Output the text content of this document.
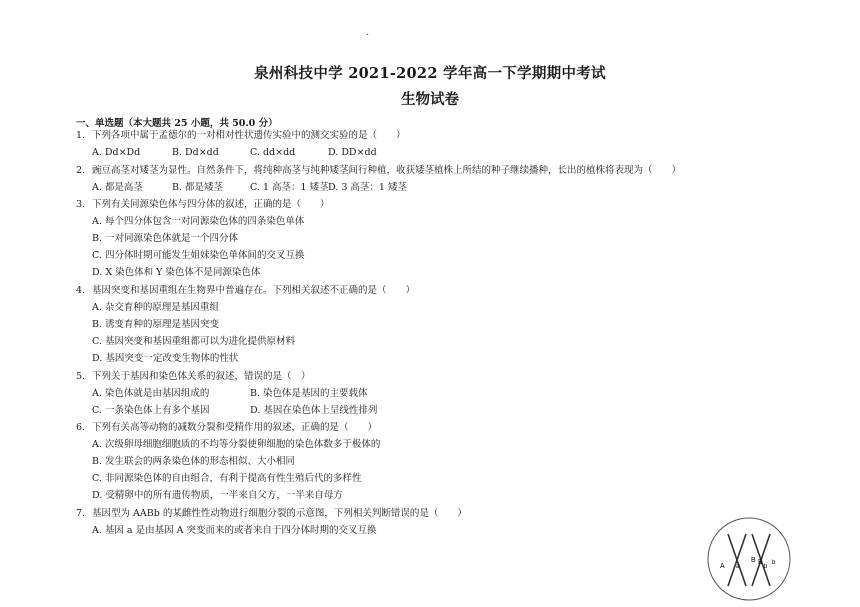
·
泉州科技中学 2021-2022 学年高一下学期期中考试
生物试卷
一、单选题（本大题共 25 小题，共 50.0 分）
1. 下列各项中属于孟德尔的一对相对性状遗传实验中的测交实验的是（　　）
A. Dd×Dd	B. Dd×dd	C. dd×dd	D. DD×dd
2. 豌豆高茎对矮茎为显性。自然条件下，将纯种高茎与纯种矮茎间行种植，收获矮茎植株上所结的种子继续播种，长出的植株将表现为（　　）
A. 都是高茎	B. 都是矮茎	C. 1 高茎：1 矮茎 D. 3 高茎：1 矮茎
3. 下列有关同源染色体与四分体的叙述，正确的是（　　）
A. 每个四分体包含一对同源染色体的四条染色单体
B. 一对同源染色体就是一个四分体
C. 四分体时期可能发生姐妹染色单体间的交叉互换
D. X 染色体和 Y 染色体不是同源染色体
4. 基因突变和基因重组在生物界中普遍存在。下列相关叙述不正确的是（　　）
A. 杂交育种的原理是基因重组
B. 诱变育种的原理是基因突变
C. 基因突变和基因重组都可以为进化提供原材料
D. 基因突变一定改变生物体的性状
5. 下列关于基因和染色体关系的叙述，错误的是（　）
A. 染色体就是由基因组成的	B. 染色体是基因的主要载体
C. 一条染色体上有多个基因	D. 基因在染色体上呈线性排列
6. 下列有关高等动物的减数分裂和受精作用的叙述，正确的是（　　）
A. 次级卵母细胞细胞质的不均等分裂使卵细胞的染色体数多于极体的
B. 发生联会的两条染色体的形态相似、大小相同
C. 非同源染色体的自由组合，有利于提高有性生殖后代的多样性
D. 受精卵中的所有遗传物质，一半来自父方，一半来自母方
7. 基因型为 AABb 的某雌性性动物进行细胞分裂的示意图，下列相关判断错误的是（　　）
A. 基因 a 是由基因 A 突变而来的或者来自于四分体时期的交叉互换
A a
B B
b
b
